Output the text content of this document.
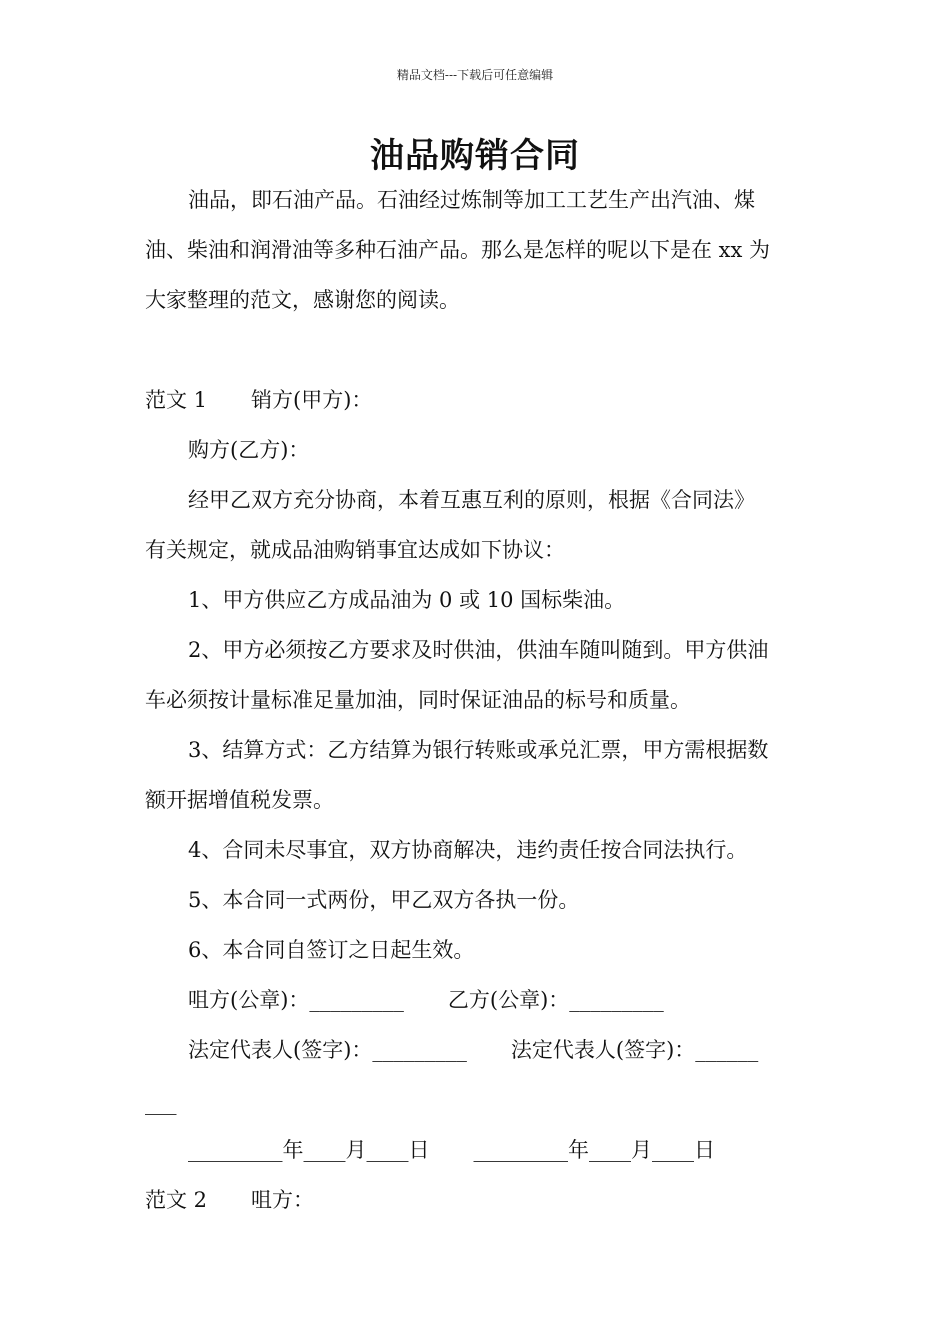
精品文档---下载后可任意编辑
油品购销合同
油品，即石油产品。石油经过炼制等加工工艺生产出汽油、煤
油、柴油和润滑油等多种石油产品。那么是怎样的呢以下是在 xx 为
大家整理的范文，感谢您的阅读。
范文 1 销方(甲方)：
购方(乙方)：
经甲乙双方充分协商，本着互惠互利的原则，根据《合同法》
有关规定，就成品油购销事宜达成如下协议：
1、甲方供应乙方成品油为 0 或 10 国标柴油。
2、甲方必须按乙方要求及时供油，供油车随叫随到。甲方供油
车必须按计量标准足量加油，同时保证油品的标号和质量。
3、结算方式：乙方结算为银行转账或承兑汇票，甲方需根据数
额开据增值税发票。
4、合同未尽事宜，双方协商解决，违约责任按合同法执行。
5、本合同一式两份，甲乙双方各执一份。
6、本合同自签订之日起生效。
咀方(公章)：_________ 乙方(公章)：_________
法定代表人(签字)：_________ 法定代表人(签字)：______
___
_________年____月____日 _________年____月____日
范文 2 咀方：
